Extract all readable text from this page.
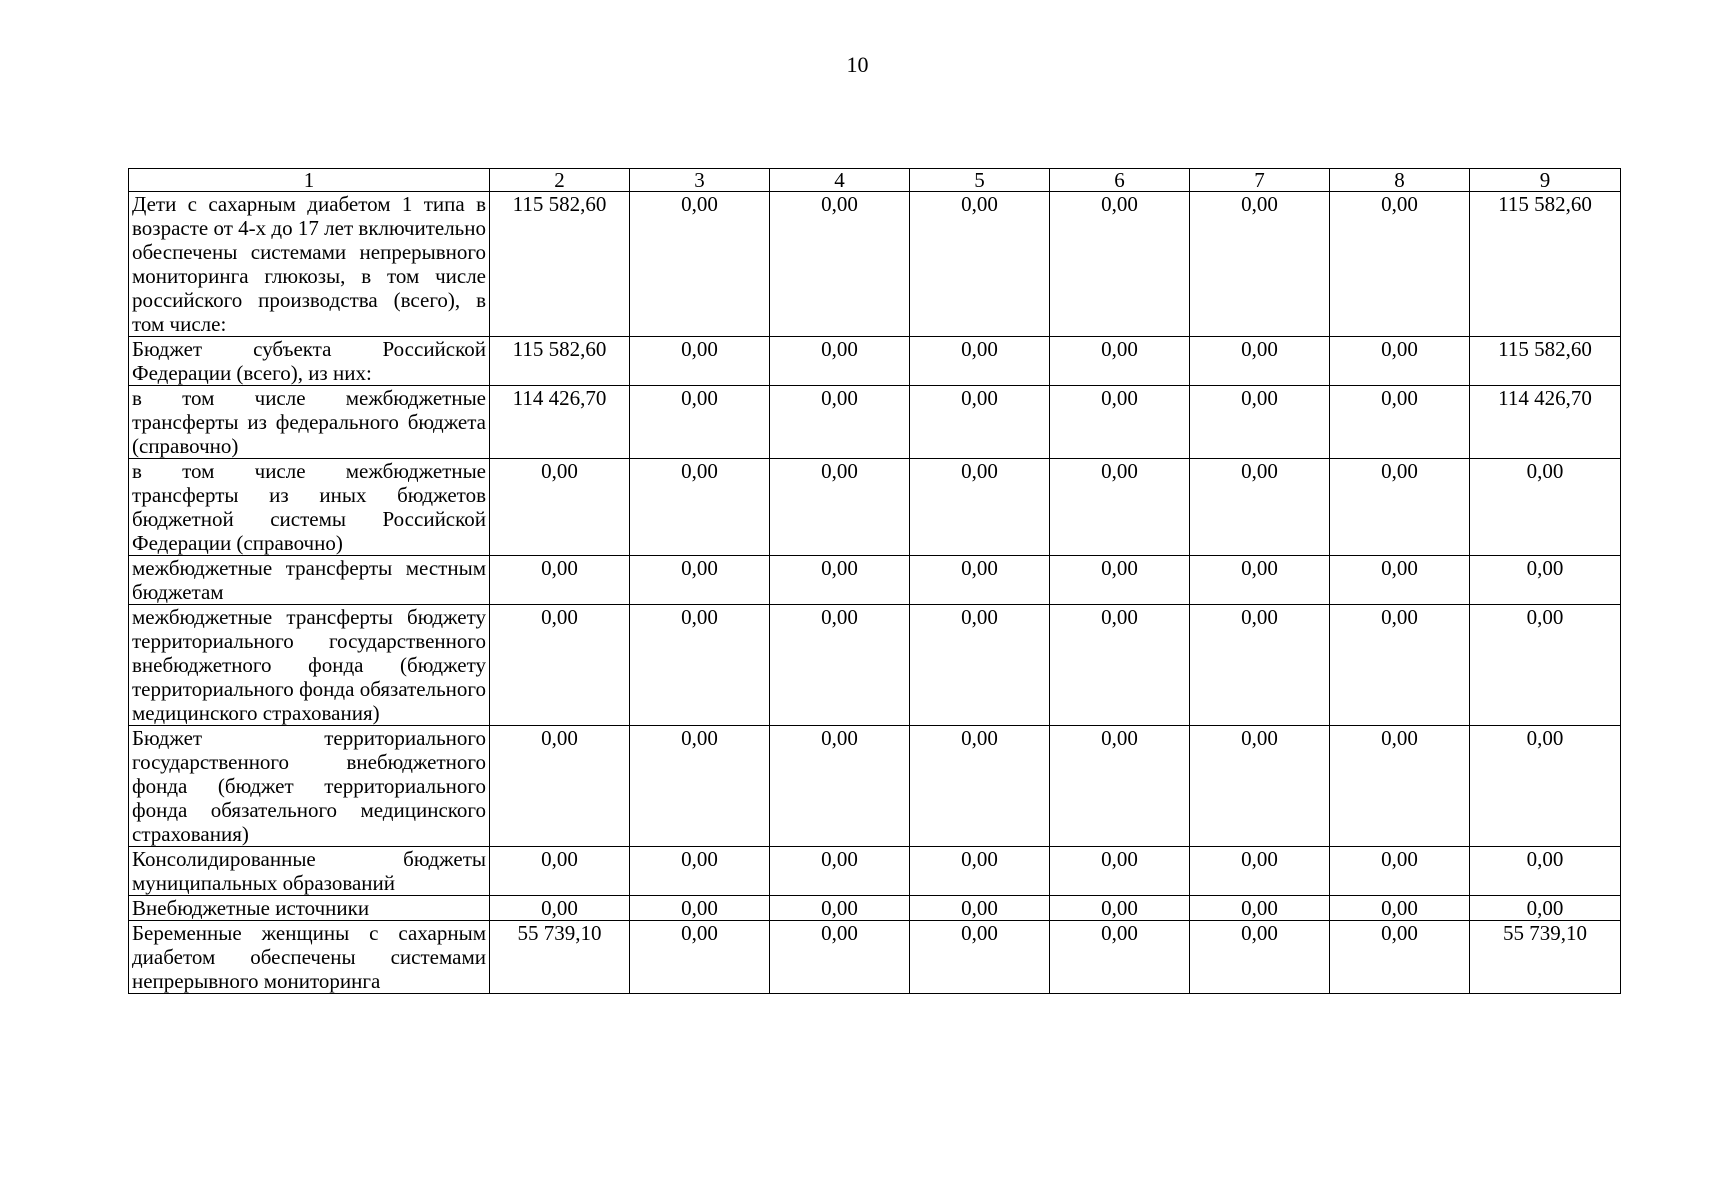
10
1	2	3	4	5	6	7	8	9
Дети с сахарным диабетом 1 типа в возрасте от 4-х до 17 лет включительно обеспечены системами непрерывного мониторинга глюкозы, в том числе российского производства (всего), в том числе:	115 582,60	0,00	0,00	0,00	0,00	0,00	0,00	115 582,60
Бюджет субъекта Российской Федерации (всего), из них:	115 582,60	0,00	0,00	0,00	0,00	0,00	0,00	115 582,60
в том числе межбюджетные трансферты из федерального бюджета (справочно)	114 426,70	0,00	0,00	0,00	0,00	0,00	0,00	114 426,70
в том числе межбюджетные трансферты из иных бюджетов бюджетной системы Российской Федерации (справочно)	0,00	0,00	0,00	0,00	0,00	0,00	0,00	0,00
межбюджетные трансферты местным бюджетам	0,00	0,00	0,00	0,00	0,00	0,00	0,00	0,00
межбюджетные трансферты бюджету территориального государственного внебюджетного фонда (бюджету территориального фонда обязательного медицинского страхования)	0,00	0,00	0,00	0,00	0,00	0,00	0,00	0,00
Бюджет территориального государственного внебюджетного фонда (бюджет территориального фонда обязательного медицинского страхования)	0,00	0,00	0,00	0,00	0,00	0,00	0,00	0,00
Консолидированные бюджеты муниципальных образований	0,00	0,00	0,00	0,00	0,00	0,00	0,00	0,00
Внебюджетные источники	0,00	0,00	0,00	0,00	0,00	0,00	0,00	0,00
Беременные женщины с сахарным диабетом обеспечены системами непрерывного мониторинга	55 739,10	0,00	0,00	0,00	0,00	0,00	0,00	55 739,10
